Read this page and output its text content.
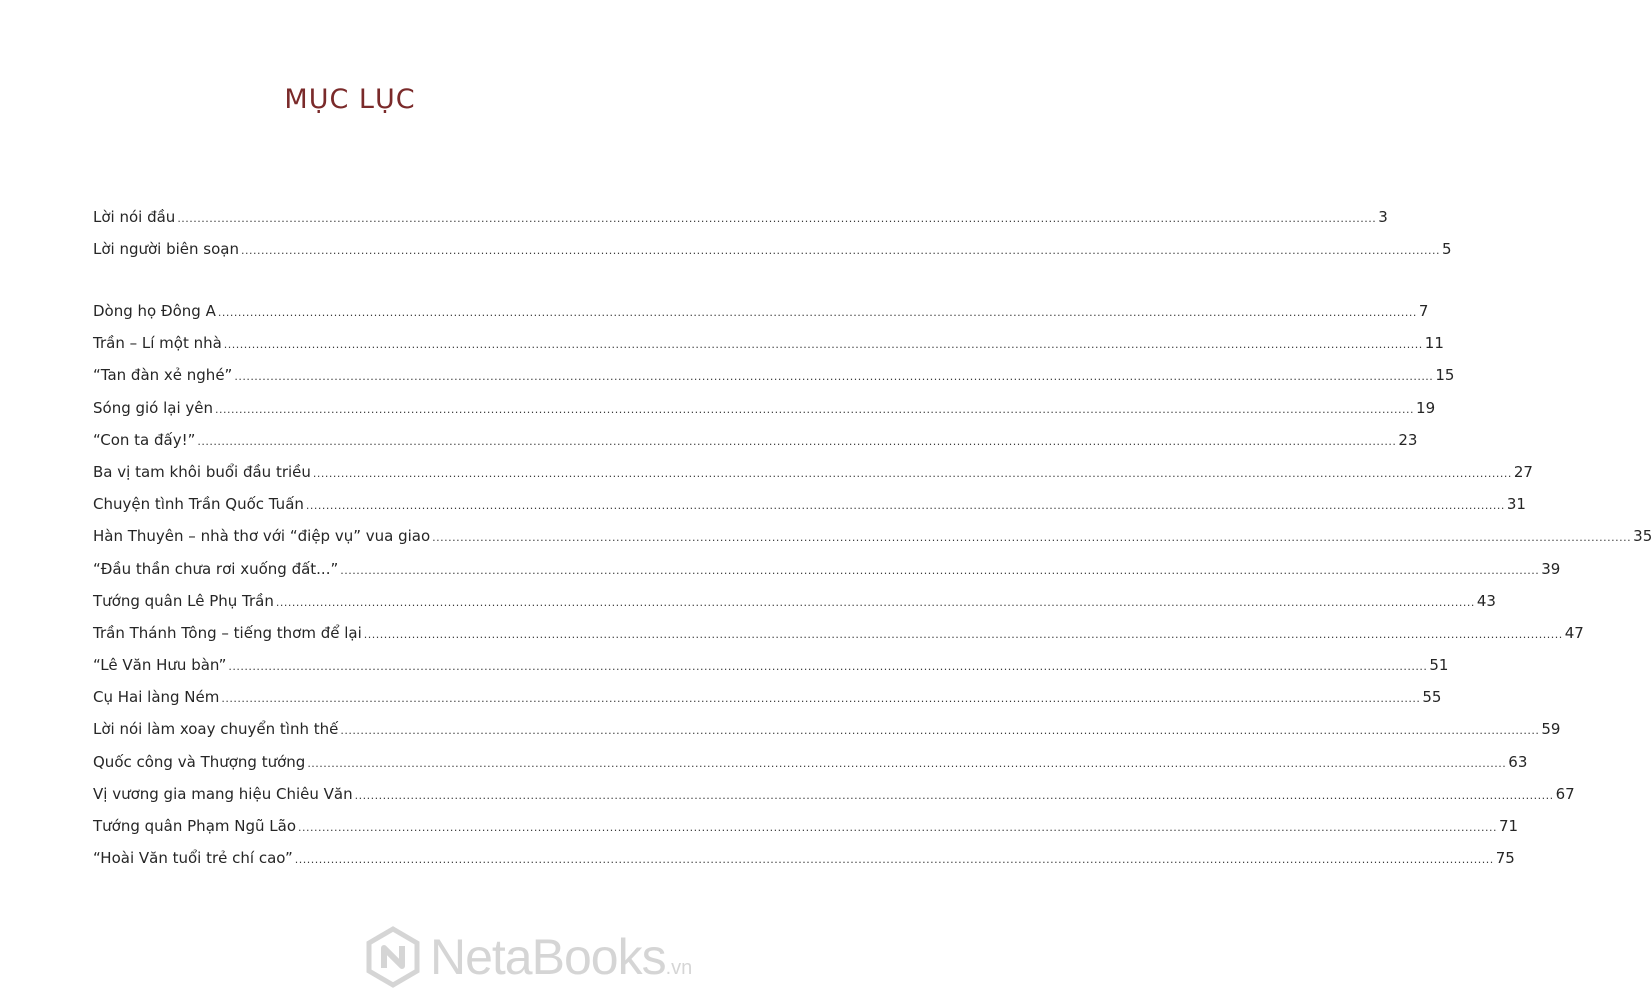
MỤC LỤC
Lời nói đầu ............................................................................................................................................................................................................................................................................................................ 3
Lời người biên soạn ............................................................................................................................................................................................................................................................................................................ 5
Dòng họ Đông A ............................................................................................................................................................................................................................................................................................................ 7
Trần – Lí một nhà ............................................................................................................................................................................................................................................................................................................ 11
“Tan đàn xẻ nghé” ............................................................................................................................................................................................................................................................................................................ 15
Sóng gió lại yên ............................................................................................................................................................................................................................................................................................................ 19
“Con ta đấy!” ............................................................................................................................................................................................................................................................................................................ 23
Ba vị tam khôi buổi đầu triều ............................................................................................................................................................................................................................................................................................................ 27
Chuyện tình Trần Quốc Tuấn ............................................................................................................................................................................................................................................................................................................ 31
Hàn Thuyên – nhà thơ với “điệp vụ” vua giao ............................................................................................................................................................................................................................................................................................................ 35
“Đầu thần chưa rơi xuống đất...” ............................................................................................................................................................................................................................................................................................................ 39
Tướng quân Lê Phụ Trần ............................................................................................................................................................................................................................................................................................................ 43
Trần Thánh Tông – tiếng thơm để lại ............................................................................................................................................................................................................................................................................................................ 47
“Lê Văn Hưu bàn” ............................................................................................................................................................................................................................................................................................................ 51
Cụ Hai làng Ném ............................................................................................................................................................................................................................................................................................................ 55
Lời nói làm xoay chuyển tình thế ............................................................................................................................................................................................................................................................................................................ 59
Quốc công và Thượng tướng ............................................................................................................................................................................................................................................................................................................ 63
Vị vương gia mang hiệu Chiêu Văn ............................................................................................................................................................................................................................................................................................................ 67
Tướng quân Phạm Ngũ Lão ............................................................................................................................................................................................................................................................................................................ 71
“Hoài Văn tuổi trẻ chí cao” ............................................................................................................................................................................................................................................................................................................ 75
NetaBooks.vn
